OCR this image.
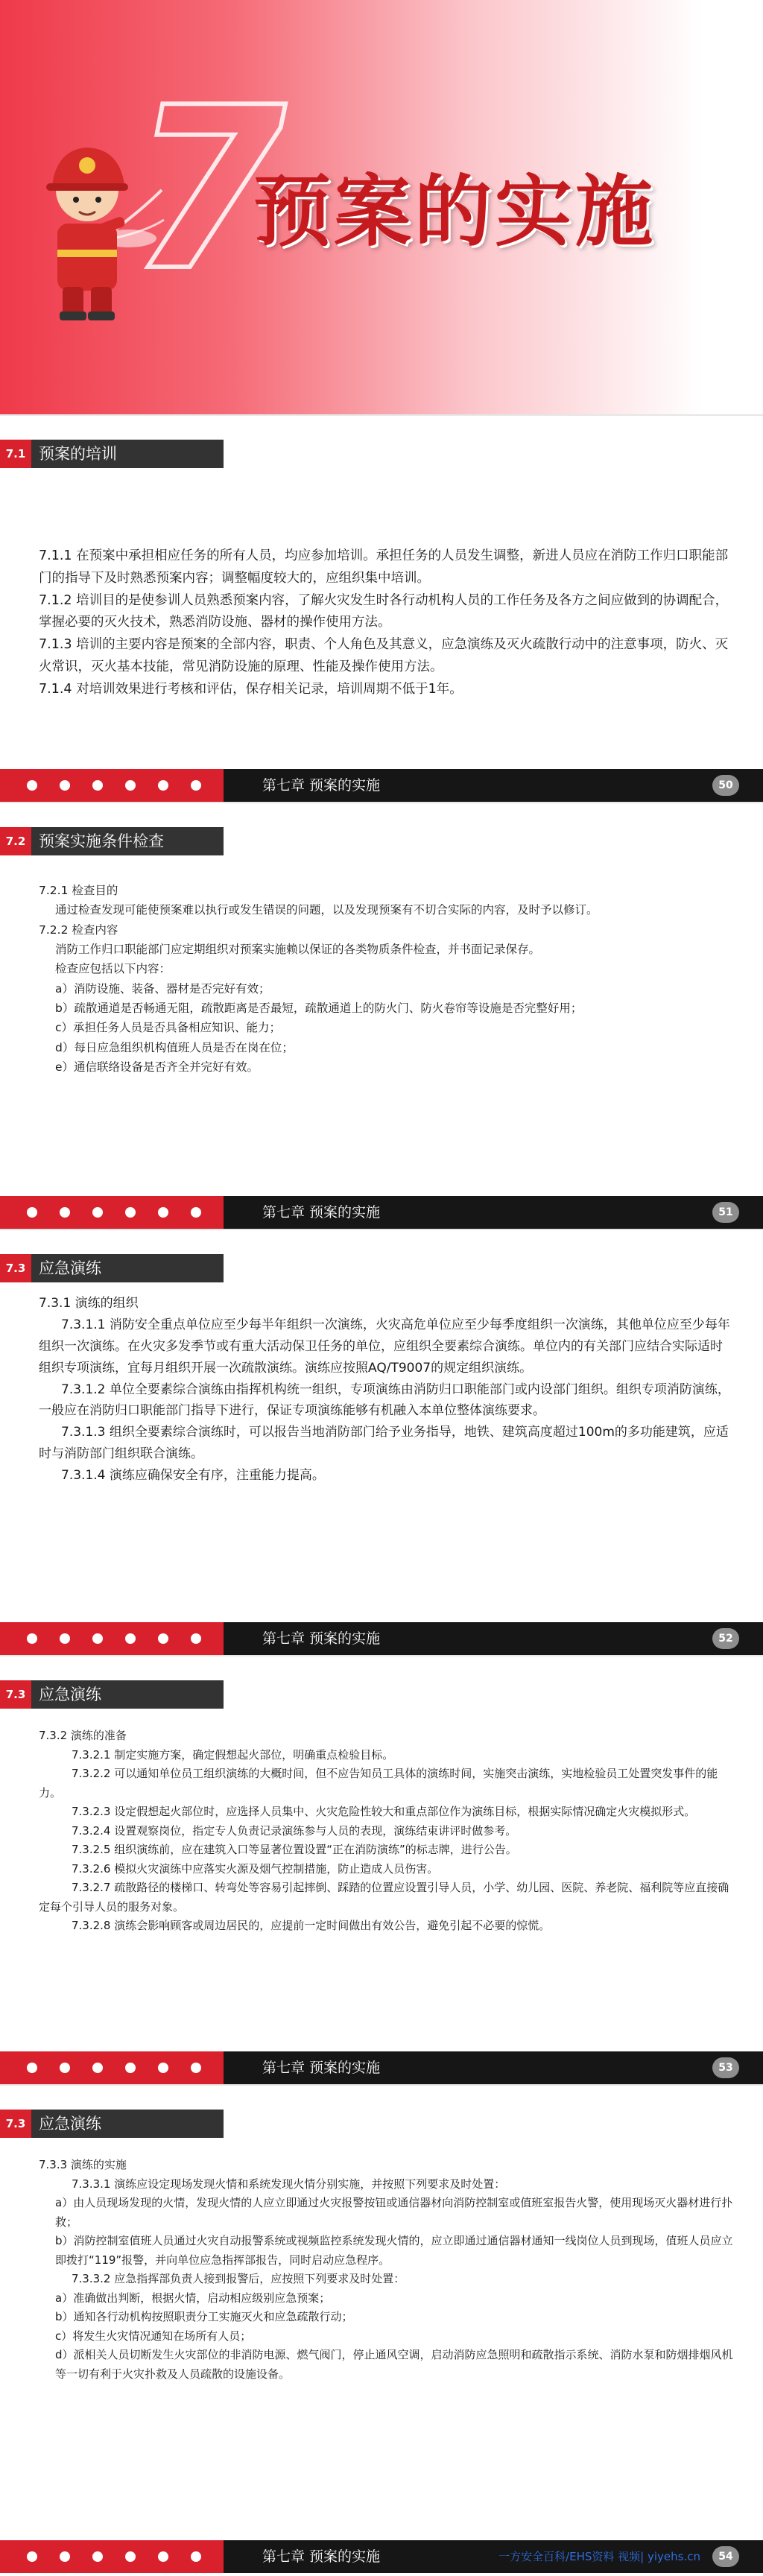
7
预案的实施
7.1 预案的培训
7.1.1 在预案中承担相应任务的所有人员，均应参加培训。承担任务的人员发生调整，新进人员应在消防工作归口职能部门的指导下及时熟悉预案内容；调整幅度较大的，应组织集中培训。
7.1.2 培训目的是使参训人员熟悉预案内容，了解火灾发生时各行动机构人员的工作任务及各方之间应做到的协调配合，掌握必要的灭火技术，熟悉消防设施、器材的操作使用方法。
7.1.3 培训的主要内容是预案的全部内容，职责、个人角色及其意义，应急演练及灭火疏散行动中的注意事项，防火、灭火常识，灭火基本技能，常见消防设施的原理、性能及操作使用方法。
7.1.4 对培训效果进行考核和评估，保存相关记录，培训周期不低于1年。
第七章 预案的实施	50
7.2 预案实施条件检查
7.2.1 检查目的
通过检查发现可能使预案难以执行或发生错误的问题，以及发现预案有不切合实际的内容，及时予以修订。
7.2.2 检查内容
消防工作归口职能部门应定期组织对预案实施赖以保证的各类物质条件检查，并书面记录保存。
检查应包括以下内容：
a）消防设施、装备、器材是否完好有效；
b）疏散通道是否畅通无阻，疏散距离是否最短，疏散通道上的防火门、防火卷帘等设施是否完整好用；
c）承担任务人员是否具备相应知识、能力；
d）每日应急组织机构值班人员是否在岗在位；
e）通信联络设备是否齐全并完好有效。
第七章 预案的实施	51
7.3 应急演练
7.3.1 演练的组织
7.3.1.1 消防安全重点单位应至少每半年组织一次演练，火灾高危单位应至少每季度组织一次演练，其他单位应至少每年组织一次演练。在火灾多发季节或有重大活动保卫任务的单位，应组织全要素综合演练。单位内的有关部门应结合实际适时组织专项演练，宜每月组织开展一次疏散演练。演练应按照AQ/T9007的规定组织演练。
7.3.1.2 单位全要素综合演练由指挥机构统一组织，专项演练由消防归口职能部门或内设部门组织。组织专项消防演练，一般应在消防归口职能部门指导下进行，保证专项演练能够有机融入本单位整体演练要求。
7.3.1.3 组织全要素综合演练时，可以报告当地消防部门给予业务指导，地铁、建筑高度超过100m的多功能建筑，应适时与消防部门组织联合演练。
7.3.1.4 演练应确保安全有序，注重能力提高。
第七章 预案的实施	52
7.3 应急演练
7.3.2 演练的准备
7.3.2.1 制定实施方案，确定假想起火部位，明确重点检验目标。
7.3.2.2 可以通知单位员工组织演练的大概时间，但不应告知员工具体的演练时间，实施突击演练，实地检验员工处置突发事件的能力。
7.3.2.3 设定假想起火部位时，应选择人员集中、火灾危险性较大和重点部位作为演练目标，根据实际情况确定火灾模拟形式。
7.3.2.4 设置观察岗位，指定专人负责记录演练参与人员的表现，演练结束讲评时做参考。
7.3.2.5 组织演练前，应在建筑入口等显著位置设置“正在消防演练”的标志牌，进行公告。
7.3.2.6 模拟火灾演练中应落实火源及烟气控制措施，防止造成人员伤害。
7.3.2.7 疏散路径的楼梯口、转弯处等容易引起摔倒、踩踏的位置应设置引导人员，小学、幼儿园、医院、养老院、福利院等应直接确定每个引导人员的服务对象。
7.3.2.8 演练会影响顾客或周边居民的，应提前一定时间做出有效公告，避免引起不必要的惊慌。
第七章 预案的实施	53
7.3 应急演练
7.3.3 演练的实施
7.3.3.1 演练应设定现场发现火情和系统发现火情分别实施，并按照下列要求及时处置：
a）由人员现场发现的火情，发现火情的人应立即通过火灾报警按钮或通信器材向消防控制室或值班室报告火警，使用现场灭火器材进行扑救；
b）消防控制室值班人员通过火灾自动报警系统或视频监控系统发现火情的，应立即通过通信器材通知一线岗位人员到现场，值班人员应立即拨打“119”报警，并向单位应急指挥部报告，同时启动应急程序。
7.3.3.2 应急指挥部负责人接到报警后，应按照下列要求及时处置：
a）准确做出判断，根据火情，启动相应级别应急预案；
b）通知各行动机构按照职责分工实施灭火和应急疏散行动；
c）将发生火灾情况通知在场所有人员；
d）派相关人员切断发生火灾部位的非消防电源、燃气阀门，停止通风空调，启动消防应急照明和疏散指示系统、消防水泵和防烟排烟风机等一切有利于火灾扑救及人员疏散的设施设备。
第七章 预案的实施	一方安全百科/EHS资料 视频| yiyehs.cn	54
